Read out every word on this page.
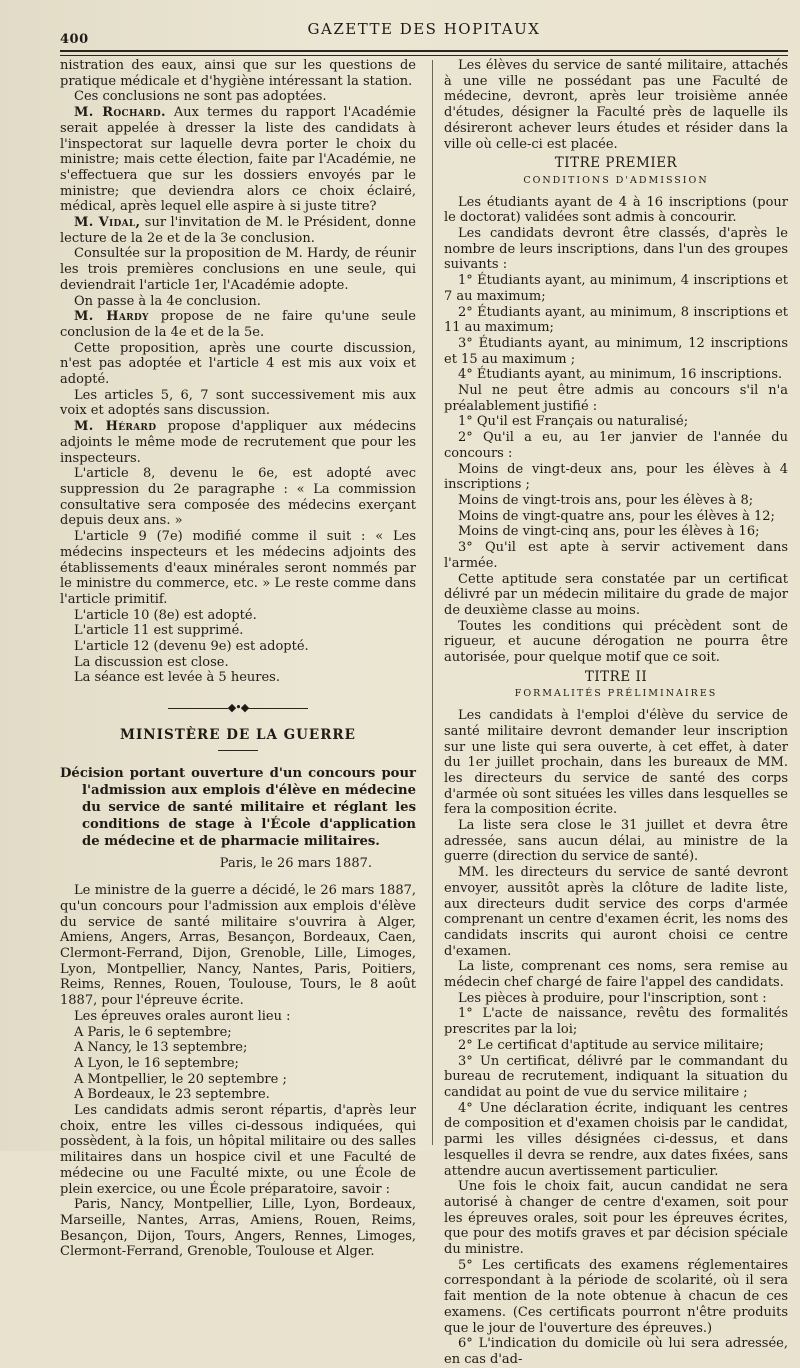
400
GAZETTE DES HOPITAUX

nistration des eaux, ainsi que sur les questions de pratique médicale et d'hygiène intéressant la station.

Ces conclusions ne sont pas adoptées.

M. Rochard. Aux termes du rapport l'Académie serait appelée à dresser la liste des candidats à l'inspectorat sur laquelle devra porter le choix du ministre; mais cette élection, faite par l'Académie, ne s'effectuera que sur les dossiers envoyés par le ministre; que deviendra alors ce choix éclairé, médical, après lequel elle aspire à si juste titre?

M. Vidal, sur l'invitation de M. le Président, donne lecture de la 2e et de la 3e conclusion.

Consultée sur la proposition de M. Hardy, de réunir les trois premières conclusions en une seule, qui deviendrait l'article 1er, l'Académie adopte.

On passe à la 4e conclusion.

M. Hardy propose de ne faire qu'une seule conclusion de la 4e et de la 5e.

Cette proposition, après une courte discussion, n'est pas adoptée et l'article 4 est mis aux voix et adopté.

Les articles 5, 6, 7 sont successivement mis aux voix et adoptés sans discussion.

M. Hérard propose d'appliquer aux médecins adjoints le même mode de recrutement que pour les inspecteurs.

L'article 8, devenu le 6e, est adopté avec suppression du 2e paragraphe : « La commission consultative sera composée des médecins exerçant depuis deux ans. »

L'article 9 (7e) modifié comme il suit : « Les médecins inspecteurs et les médecins adjoints des établissements d'eaux minérales seront nommés par le ministre du commerce, etc. » Le reste comme dans l'article primitif.

L'article 10 (8e) est adopté.

L'article 11 est supprimé.

L'article 12 (devenu 9e) est adopté.

La discussion est close.

La séance est levée à 5 heures.

◆•◆
MINISTÈRE DE LA GUERRE
Décision portant ouverture d'un concours pour l'admission aux emplois d'élève en médecine du service de santé militaire et réglant les conditions de stage à l'École d'application de médecine et de pharmacie militaires.
Paris, le 26 mars 1887.

Le ministre de la guerre a décidé, le 26 mars 1887, qu'un concours pour l'admission aux emplois d'élève du service de santé militaire s'ouvrira à Alger, Amiens, Angers, Arras, Besançon, Bordeaux, Caen, Clermont-Ferrand, Dijon, Grenoble, Lille, Limoges, Lyon, Montpellier, Nancy, Nantes, Paris, Poitiers, Reims, Rennes, Rouen, Toulouse, Tours, le 8 août 1887, pour l'épreuve écrite.

Les épreuves orales auront lieu :

A Paris, le 6 septembre;

A Nancy, le 13 septembre;

A Lyon, le 16 septembre;

A Montpellier, le 20 septembre ;

A Bordeaux, le 23 septembre.

Les candidats admis seront répartis, d'après leur choix, entre les villes ci-dessous indiquées, qui possèdent, à la fois, un hôpital militaire ou des salles militaires dans un hospice civil et une Faculté de médecine ou une Faculté mixte, ou une École de plein exercice, ou une École préparatoire, savoir :

Paris, Nancy, Montpellier, Lille, Lyon, Bordeaux, Marseille, Nantes, Arras, Amiens, Rouen, Reims, Besançon, Dijon, Tours, Angers, Rennes, Limoges, Clermont-Ferrand, Grenoble, Toulouse et Alger.

Les élèves du service de santé militaire, attachés à une ville ne possédant pas une Faculté de médecine, devront, après leur troisième année d'études, désigner la Faculté près de laquelle ils désireront achever leurs études et résider dans la ville où celle-ci est placée.

TITRE PREMIER
CONDITIONS D'ADMISSION

Les étudiants ayant de 4 à 16 inscriptions (pour le doctorat) validées sont admis à concourir.

Les candidats devront être classés, d'après le nombre de leurs inscriptions, dans l'un des groupes suivants :

1° Étudiants ayant, au minimum, 4 inscriptions et 7 au maximum;

2° Étudiants ayant, au minimum, 8 inscriptions et 11 au maximum;

3° Étudiants ayant, au minimum, 12 inscriptions et 15 au maximum ;

4° Étudiants ayant, au minimum, 16 inscriptions.

Nul ne peut être admis au concours s'il n'a préalablement justifié :

1° Qu'il est Français ou naturalisé;

2° Qu'il a eu, au 1er janvier de l'année du concours :

Moins de vingt-deux ans, pour les élèves à 4 inscriptions ;

Moins de vingt-trois ans, pour les élèves à 8;

Moins de vingt-quatre ans, pour les élèves à 12;

Moins de vingt-cinq ans, pour les élèves à 16;

3° Qu'il est apte à servir activement dans l'armée.

Cette aptitude sera constatée par un certificat délivré par un médecin militaire du grade de major de deuxième classe au moins.

Toutes les conditions qui précèdent sont de rigueur, et aucune dérogation ne pourra être autorisée, pour quelque motif que ce soit.

TITRE II
FORMALITÉS PRÉLIMINAIRES

Les candidats à l'emploi d'élève du service de santé militaire devront demander leur inscription sur une liste qui sera ouverte, à cet effet, à dater du 1er juillet prochain, dans les bureaux de MM. les directeurs du service de santé des corps d'armée où sont situées les villes dans lesquelles se fera la composition écrite.

La liste sera close le 31 juillet et devra être adressée, sans aucun délai, au ministre de la guerre (direction du service de santé).

MM. les directeurs du service de santé devront envoyer, aussitôt après la clôture de ladite liste, aux directeurs dudit service des corps d'armée comprenant un centre d'examen écrit, les noms des candidats inscrits qui auront choisi ce centre d'examen.

La liste, comprenant ces noms, sera remise au médecin chef chargé de faire l'appel des candidats.

Les pièces à produire, pour l'inscription, sont :

1° L'acte de naissance, revêtu des formalités prescrites par la loi;

2° Le certificat d'aptitude au service militaire;

3° Un certificat, délivré par le commandant du bureau de recrutement, indiquant la situation du candidat au point de vue du service militaire ;

4° Une déclaration écrite, indiquant les centres de composition et d'examen choisis par le candidat, parmi les villes désignées ci-dessus, et dans lesquelles il devra se rendre, aux dates fixées, sans attendre aucun avertissement particulier.

Une fois le choix fait, aucun candidat ne sera autorisé à changer de centre d'examen, soit pour les épreuves orales, soit pour les épreuves écrites, que pour des motifs graves et par décision spéciale du ministre.

5° Les certificats des examens réglementaires correspondant à la période de scolarité, où il sera fait mention de la note obtenue à chacun de ces examens. (Ces certificats pourront n'être produits que le jour de l'ouverture des épreuves.)

6° L'indication du domicile où lui sera adressée, en cas d'ad-
